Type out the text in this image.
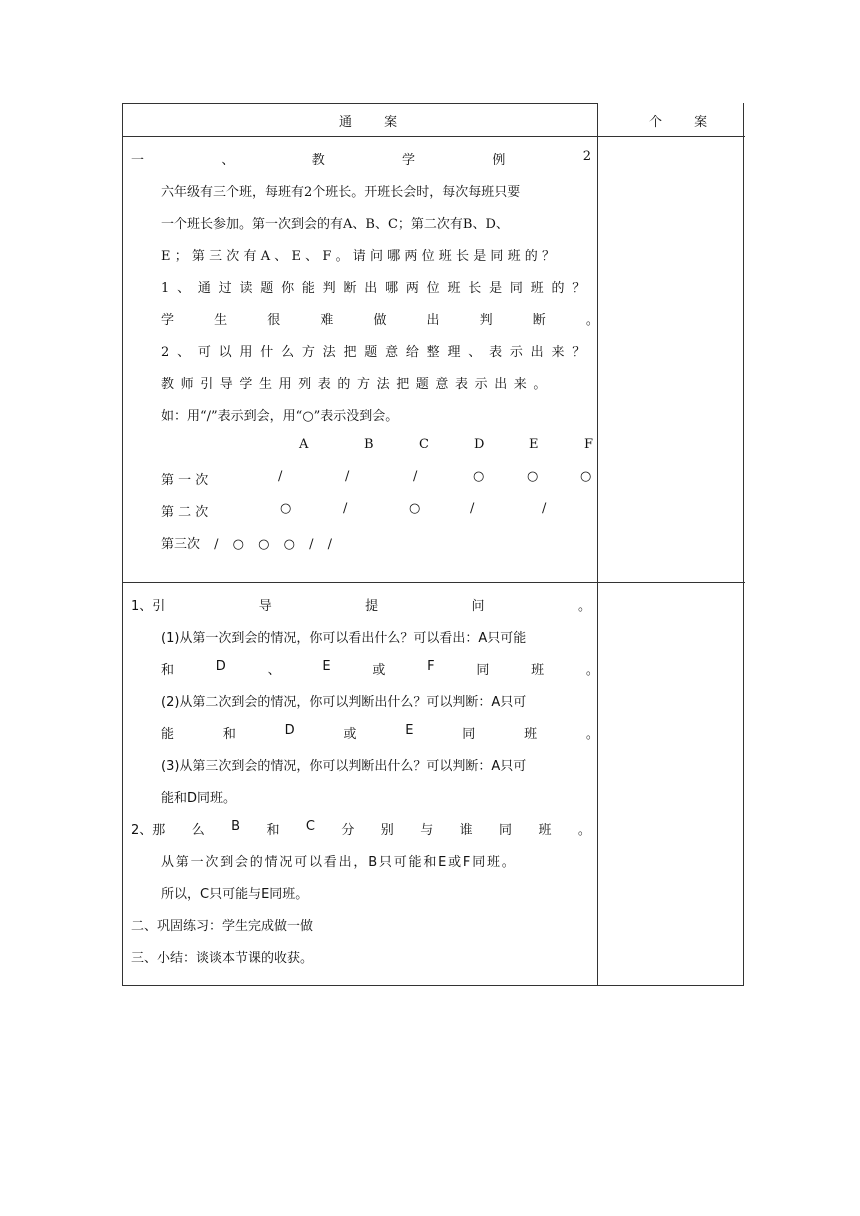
通 案	个 案
一	、	教	学	例	2
六年级有三个班，每班有2个班长。开班长会时，每次每班只要
一个班长参加。第一次到会的有A、B、C；第二次有B、D、
E；第三次有A、E、F。请问哪两位班长是同班的？
1、通过读题你能判断出哪两位班长是同班的？
学	生	很	难	做	出	判	断	。
2、可以用什么方法把题意给整理、表示出来？
教师引导学生用列表的方法把题意表示出来。
如：用“/”表示到会，用“○”表示没到会。
A	B	C	D	E	F
第 一 次	/	/	/	○	○	○
第 二 次	○	/	○	/	/
第三次 / ○ ○ ○ / /
1、引	导	提	问	。
(1)从第一次到会的情况，你可以看出什么？可以看出：A只可能
和	D	、	E	或	F	同	班	。
(2)从第二次到会的情况，你可以判断出什么？可以判断：A只可
能	和	D	或	E	同	班	。
(3)从第三次到会的情况，你可以判断出什么？可以判断：A只可
能和D同班。
2、那 么 B 和 C 分 别 与 谁 同 班 。
从第一次到会的情况可以看出，B只可能和E或F同班。
所以，C只可能与E同班。
二、巩固练习：学生完成做一做
三、小结：谈谈本节课的收获。
